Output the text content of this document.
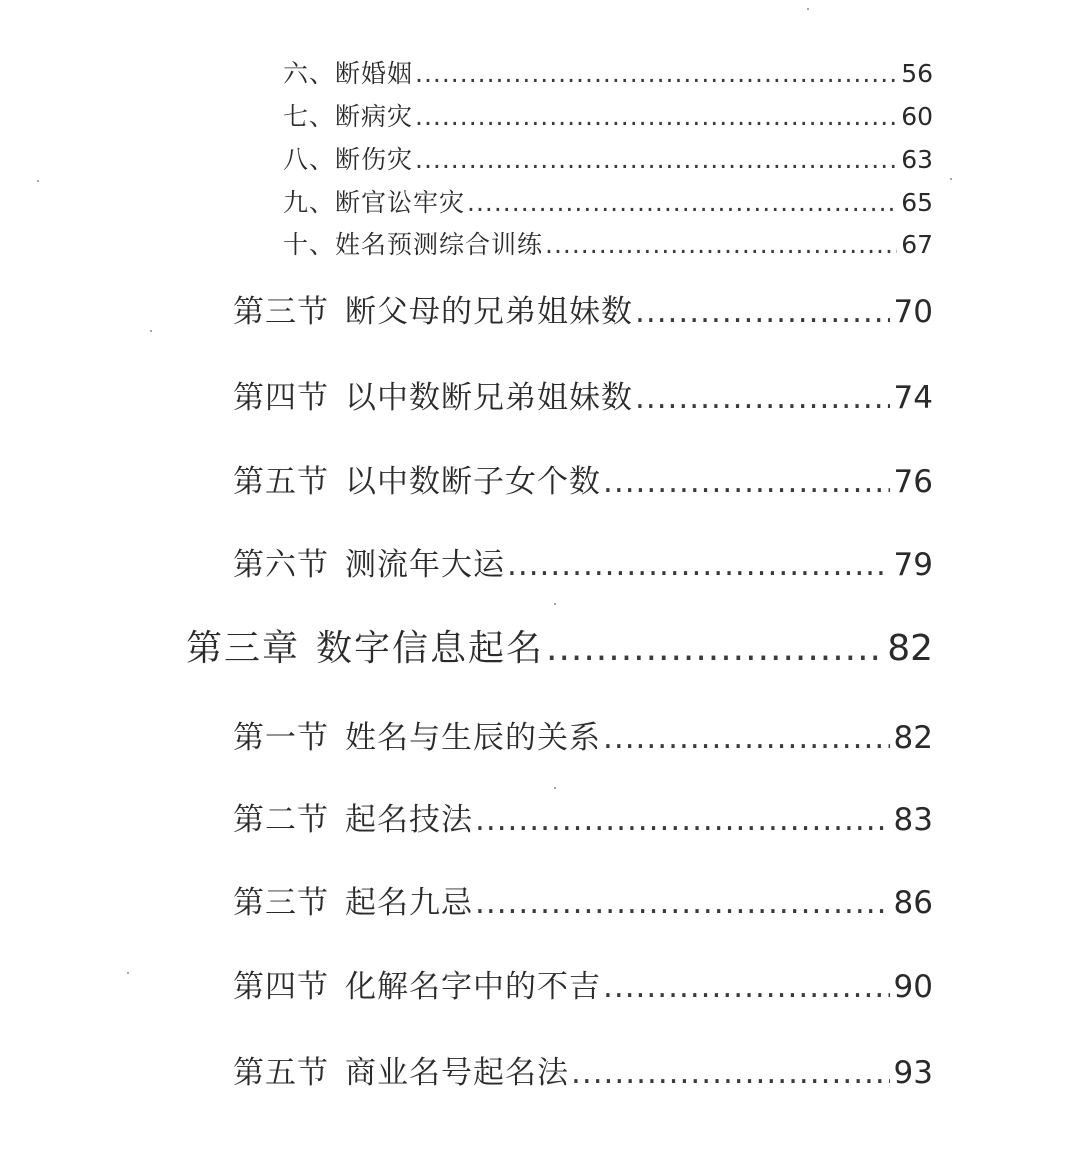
六、断婚姻 .....	56
七、断病灾 .....	60
八、断伤灾 .....	63
九、断官讼牢灾 .....	65
十、姓名预测综合训练 .....	67
第三节 断父母的兄弟姐妹数 .....	70
第四节 以中数断兄弟姐妹数 .....	74
第五节 以中数断子女个数 .....	76
第六节 测流年大运 .....	79
第三章 数字信息起名 .....	82
第一节 姓名与生辰的关系 .....	82
第二节 起名技法 .....	83
第三节 起名九忌 .....	86
第四节 化解名字中的不吉 .....	90
第五节 商业名号起名法 .....	93
